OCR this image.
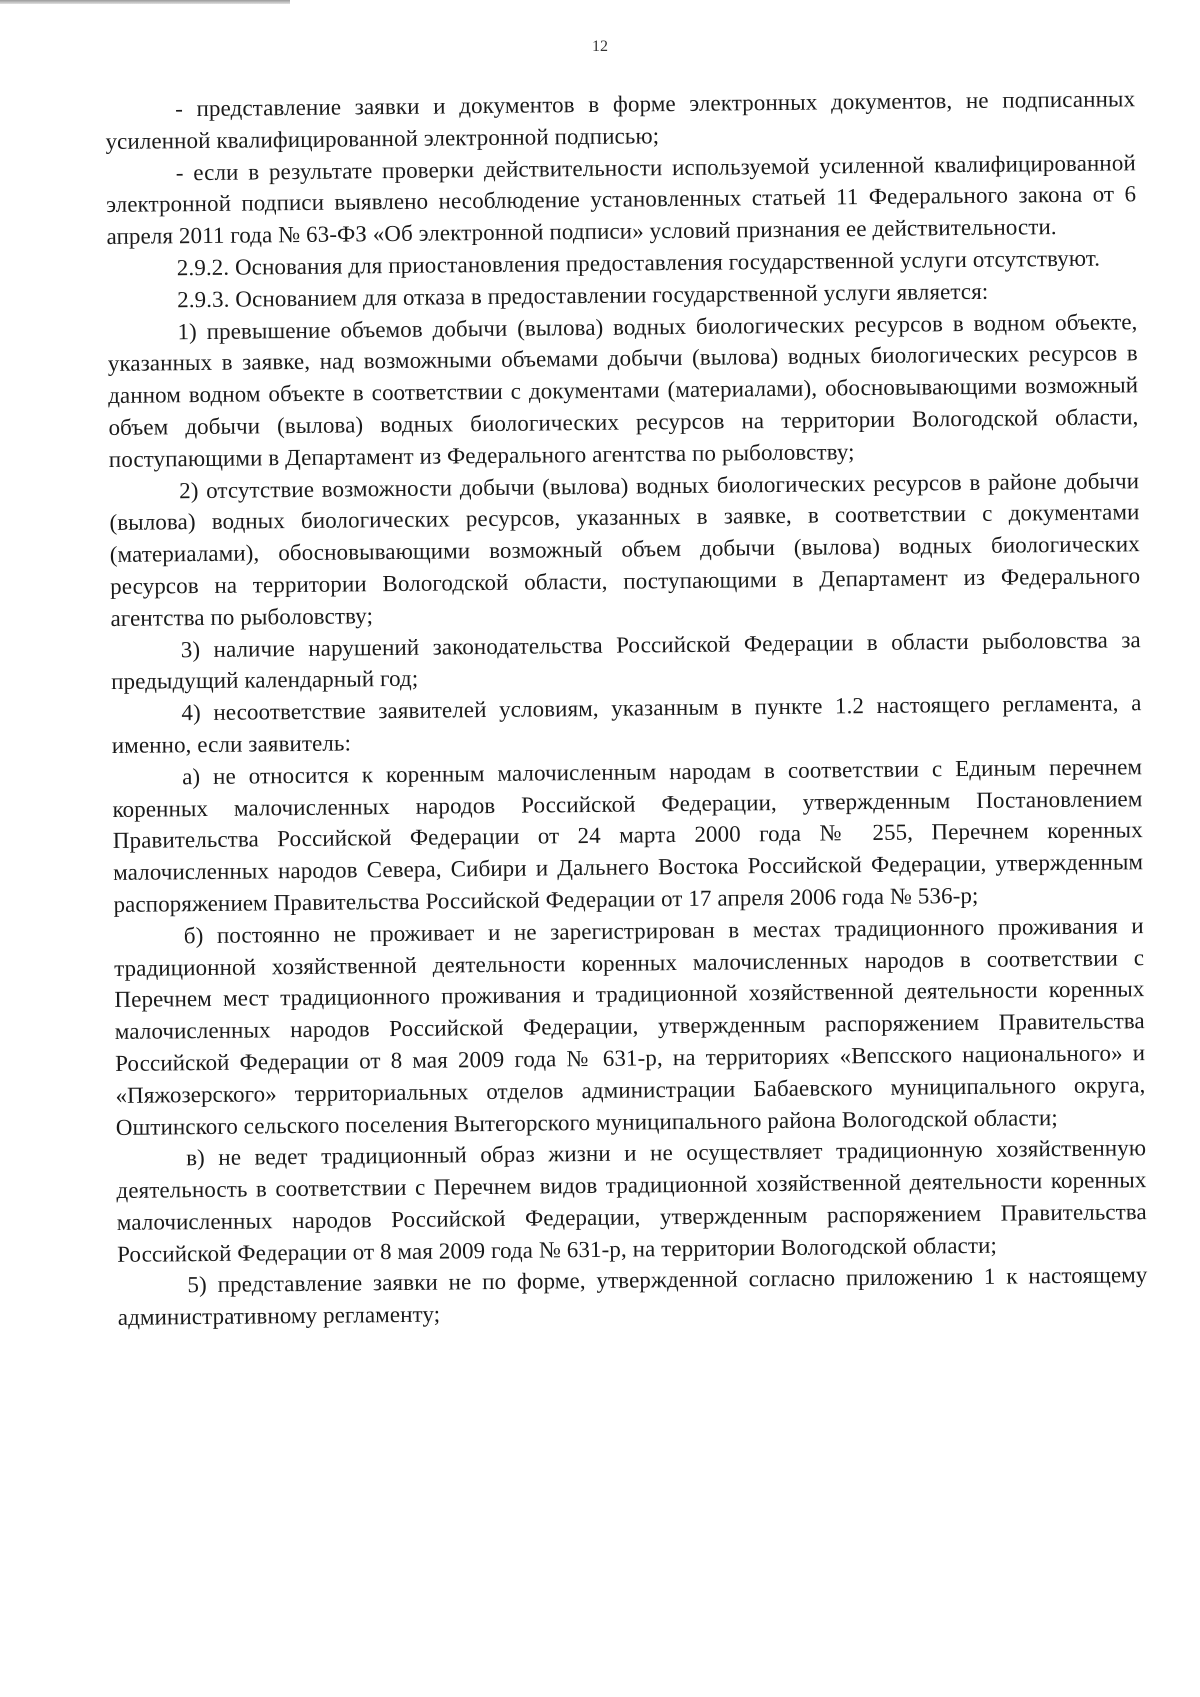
12

- представление заявки и документов в форме электронных документов, не подписанных усиленной квалифицированной электронной подписью;

- если в результате проверки действительности используемой усиленной квалифицированной электронной подписи выявлено несоблюдение установленных статьей 11 Федерального закона от 6 апреля 2011 года № 63-ФЗ «Об электронной подписи» условий признания ее действительности.

2.9.2. Основания для приостановления предоставления государственной услуги отсутствуют.

2.9.3. Основанием для отказа в предоставлении государственной услуги является:

1) превышение объемов добычи (вылова) водных биологических ресурсов в водном объекте, указанных в заявке, над возможными объемами добычи (вылова) водных биологических ресурсов в данном водном объекте в соответствии с документами (материалами), обосновывающими возможный объем добычи (вылова) водных биологических ресурсов на территории Вологодской области, поступающими в Департамент из Федерального агентства по рыболовству;

2) отсутствие возможности добычи (вылова) водных биологических ресурсов в районе добычи (вылова) водных биологических ресурсов, указанных в заявке, в соответствии с документами (материалами), обосновывающими возможный объем добычи (вылова) водных биологических ресурсов на территории Вологодской области, поступающими в Департамент из Федерального агентства по рыболовству;

3) наличие нарушений законодательства Российской Федерации в области рыболовства за предыдущий календарный год;

4) несоответствие заявителей условиям, указанным в пункте 1.2 настоящего регламента, а именно, если заявитель:

а) не относится к коренным малочисленным народам в соответствии с Единым перечнем коренных малочисленных народов Российской Федерации, утвержденным Постановлением Правительства Российской Федерации от 24 марта 2000 года № 255, Перечнем коренных малочисленных народов Севера, Сибири и Дальнего Востока Российской Федерации, утвержденным распоряжением Правительства Российской Федерации от 17 апреля 2006 года № 536-р;

б) постоянно не проживает и не зарегистрирован в местах традиционного проживания и традиционной хозяйственной деятельности коренных малочисленных народов в соответствии с Перечнем мест традиционного проживания и традиционной хозяйственной деятельности коренных малочисленных народов Российской Федерации, утвержденным распоряжением Правительства Российской Федерации от 8 мая 2009 года № 631-р, на территориях «Вепсского национального» и «Пяжозерского» территориальных отделов администрации Бабаевского муниципального округа, Оштинского сельского поселения Вытегорского муниципального района Вологодской области;

в) не ведет традиционный образ жизни и не осуществляет традиционную хозяйственную деятельность в соответствии с Перечнем видов традиционной хозяйственной деятельности коренных малочисленных народов Российской Федерации, утвержденным распоряжением Правительства Российской Федерации от 8 мая 2009 года № 631-р, на территории Вологодской области;

5) представление заявки не по форме, утвержденной согласно приложению 1 к настоящему административному регламенту;
